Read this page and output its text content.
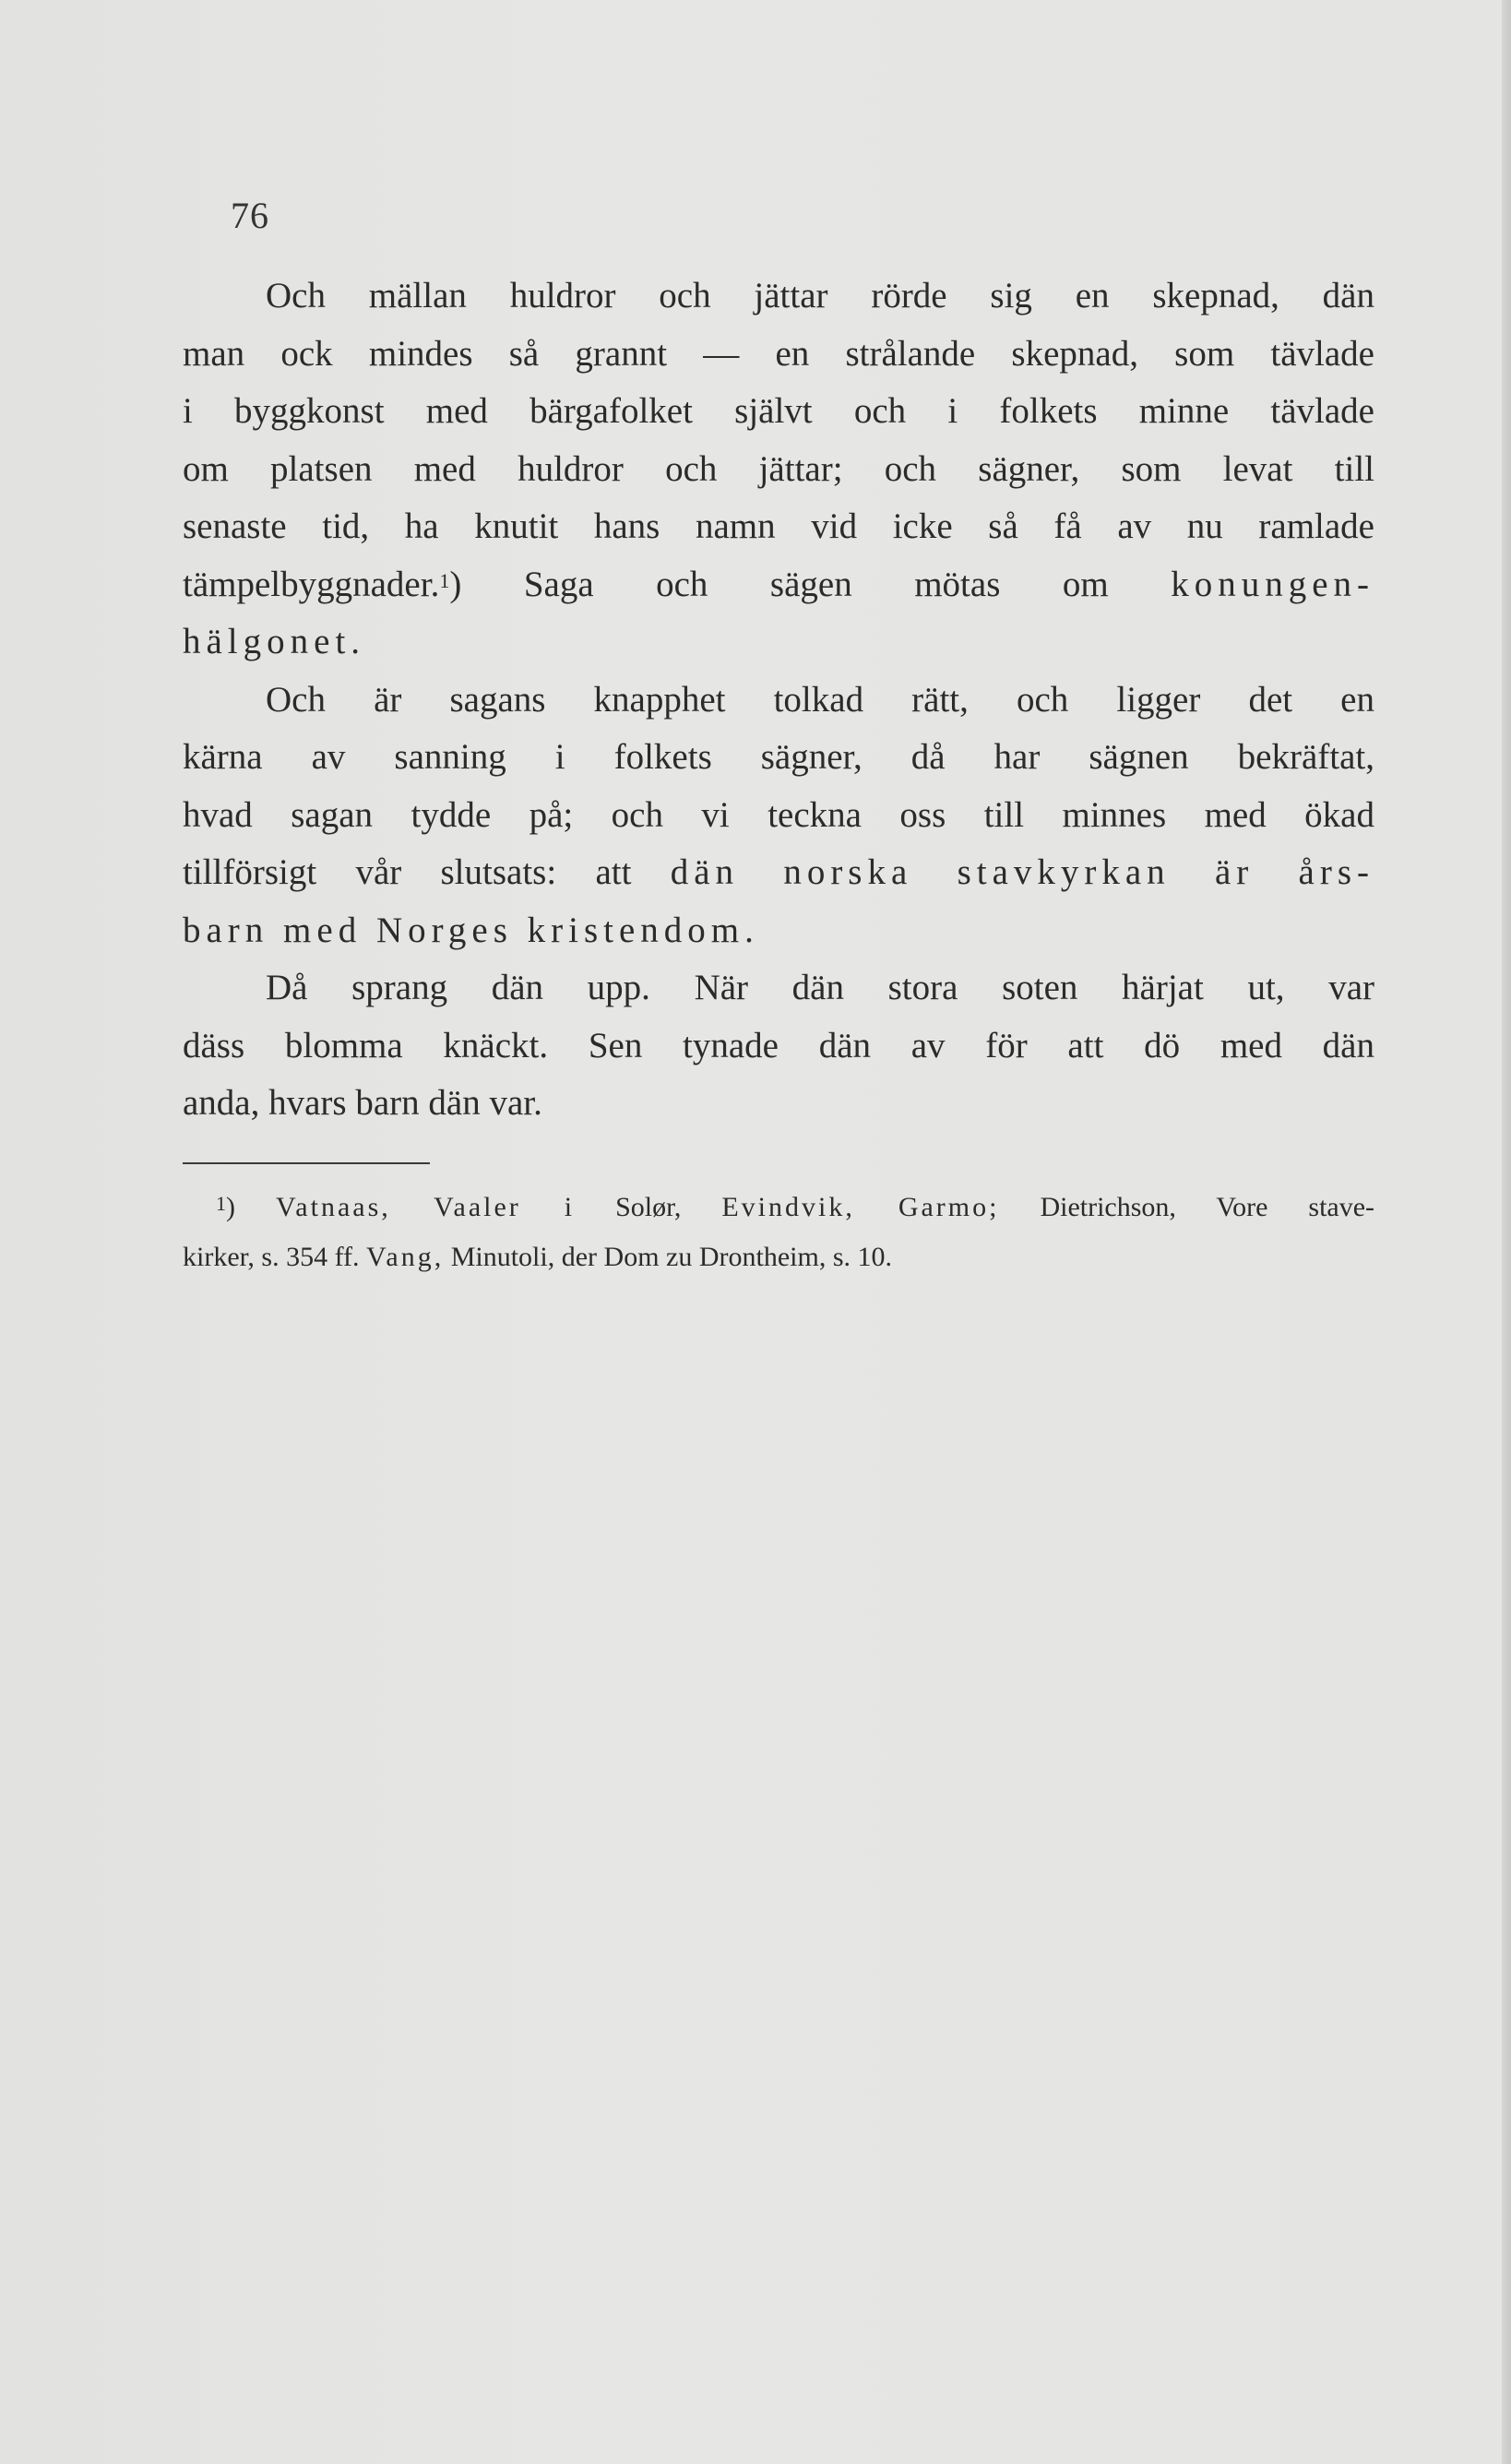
76
Och mällan huldror och jättar rörde sig en skepnad, dän
man ock mindes så grannt — en strålande skepnad, som tävlade
i byggkonst med bärgafolket självt och i folkets minne tävlade
om platsen med huldror och jättar; och sägner, som levat till
senaste tid, ha knutit hans namn vid icke så få av nu ramlade
tämpelbyggnader.$^1$) Saga och sägen mötas om konungen-
hälgonet.
Och är sagans knapphet tolkad rätt, och ligger det en
kärna av sanning i folkets sägner, då har sägnen bekräftat,
hvad sagan tydde på; och vi teckna oss till minnes med ökad
tillförsigt vår slutsats: att dän norska stavkyrkan är års-
barn med Norges kristendom.
Då sprang dän upp. När dän stora soten härjat ut, var
däss blomma knäckt. Sen tynade dän av för att dö med dän
anda, hvars barn dän var.
$^1$) Vatnaas, Vaaler i Solør, Evindvik, Garmo; Dietrichson, Vore stave-
kirker, s. 354 ff. Vang, Minutoli, der Dom zu Drontheim, s. 10.
